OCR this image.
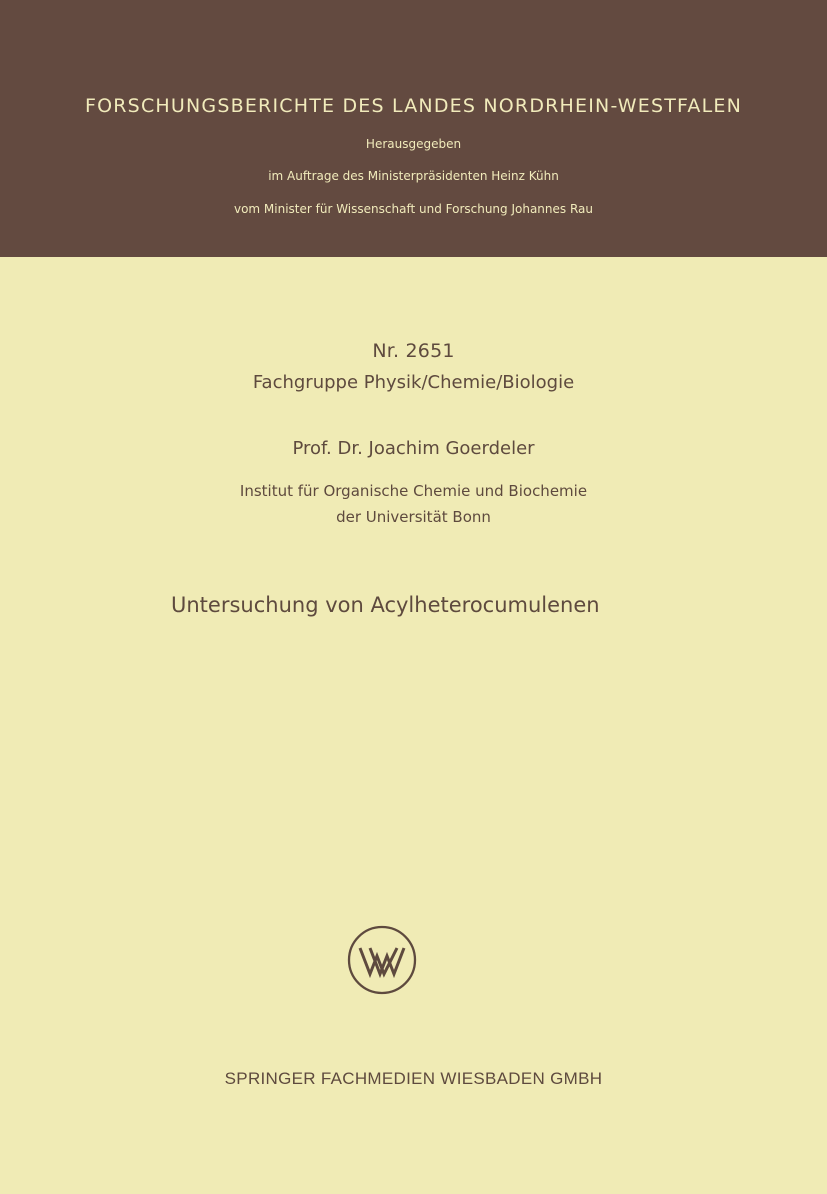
FORSCHUNGSBERICHTE DES LANDES NORDRHEIN-WESTFALEN
Herausgegeben
im Auftrage des Ministerpräsidenten Heinz Kühn
vom Minister für Wissenschaft und Forschung Johannes Rau
Nr. 2651
Fachgruppe Physik/Chemie/Biologie
Prof. Dr. Joachim Goerdeler
Institut für Organische Chemie und Biochemie
der Universität Bonn
Untersuchung von Acylheterocumulenen
SPRINGER FACHMEDIEN WIESBADEN GMBH
